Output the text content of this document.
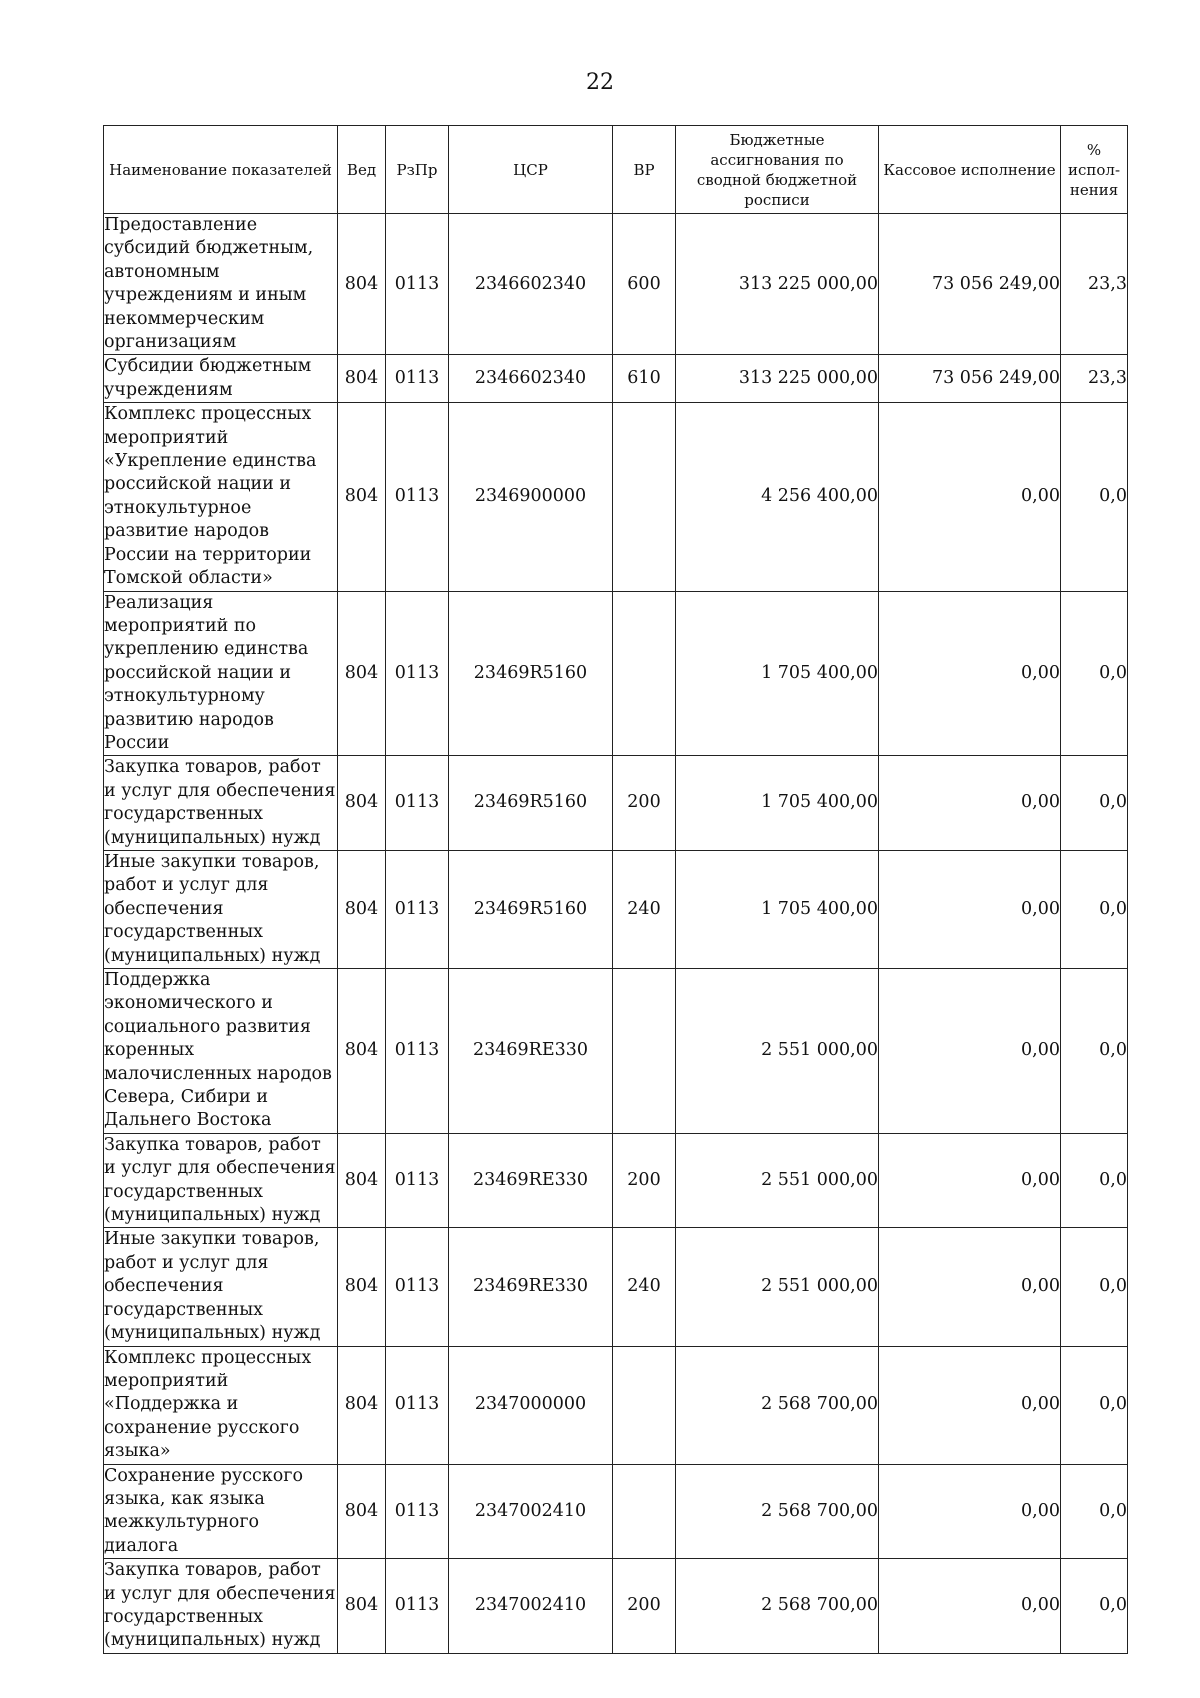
22
Наименование показателей	Вед	РзПр	ЦСР	ВР	Бюджетные ассигнования по сводной бюджетной росписи	Кассовое исполнение	% испол-нения
Предоставление субсидий бюджетным, автономным учреждениям и иным некоммерческим организациям	804	0113	2346602340	600	313 225 000,00	73 056 249,00	23,3
Субсидии бюджетным учреждениям	804	0113	2346602340	610	313 225 000,00	73 056 249,00	23,3
Комплекс процессных мероприятий «Укрепление единства российской нации и этнокультурное развитие народов России на территории Томской области»	804	0113	2346900000		4 256 400,00	0,00	0,0
Реализация мероприятий по укреплению единства российской нации и этнокультурному развитию народов России	804	0113	23469R5160		1 705 400,00	0,00	0,0
Закупка товаров, работ и услуг для обеспечения государственных (муниципальных) нужд	804	0113	23469R5160	200	1 705 400,00	0,00	0,0
Иные закупки товаров, работ и услуг для обеспечения государственных (муниципальных) нужд	804	0113	23469R5160	240	1 705 400,00	0,00	0,0
Поддержка экономического и социального развития коренных малочисленных народов Севера, Сибири и Дальнего Востока	804	0113	23469RE330		2 551 000,00	0,00	0,0
Закупка товаров, работ и услуг для обеспечения государственных (муниципальных) нужд	804	0113	23469RE330	200	2 551 000,00	0,00	0,0
Иные закупки товаров, работ и услуг для обеспечения государственных (муниципальных) нужд	804	0113	23469RE330	240	2 551 000,00	0,00	0,0
Комплекс процессных мероприятий «Поддержка и сохранение русского языка»	804	0113	2347000000		2 568 700,00	0,00	0,0
Сохранение русского языка, как языка межкультурного диалога	804	0113	2347002410		2 568 700,00	0,00	0,0
Закупка товаров, работ и услуг для обеспечения государственных (муниципальных) нужд	804	0113	2347002410	200	2 568 700,00	0,00	0,0
